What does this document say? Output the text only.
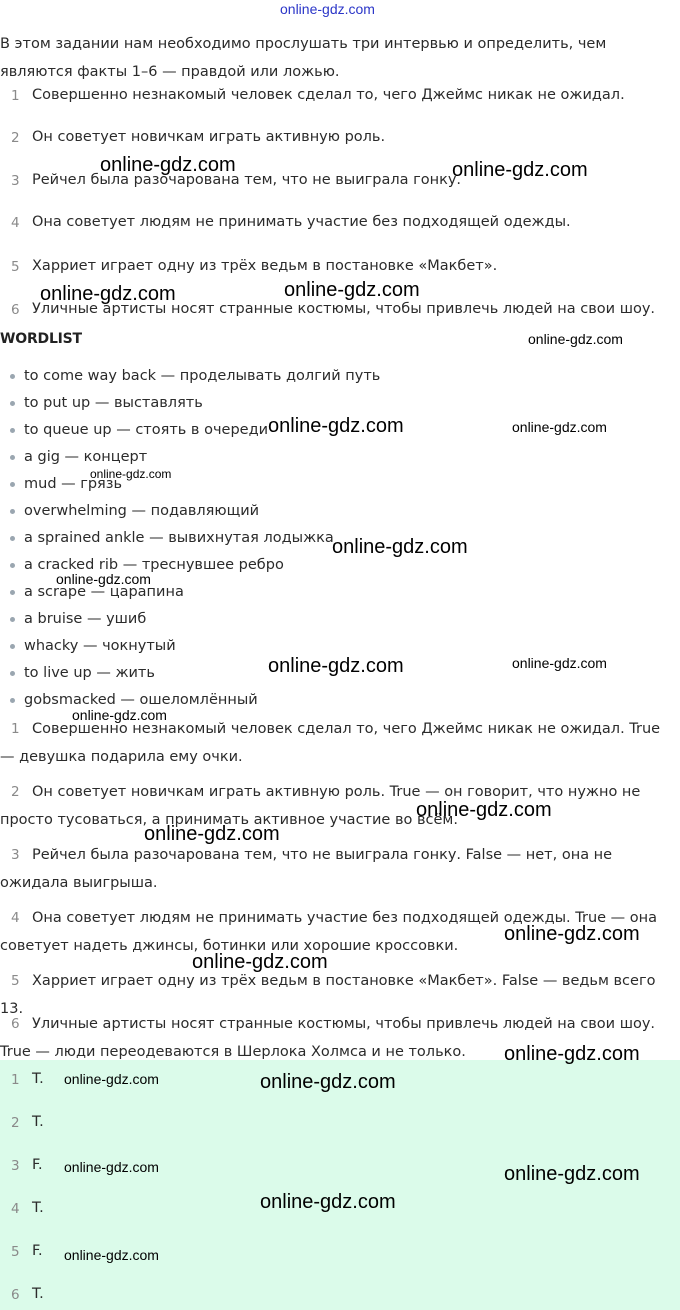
online-gdz.com
В этом задании нам необходимо прослушать три интервью и определить, чем являются факты 1–6 — правдой или ложью.
1 Совершенно незнакомый человек сделал то, чего Джеймс никак не ожидал.
2 Он советует новичкам играть активную роль.
3 Рейчел была разочарована тем, что не выиграла гонку.
4 Она советует людям не принимать участие без подходящей одежды.
5 Харриет играет одну из трёх ведьм в постановке «Макбет».
6 Уличные артисты носят странные костюмы, чтобы привлечь людей на свои шоу.
WORDLIST
to come way back — проделывать долгий путь
to put up — выставлять
to queue up — стоять в очереди
a gig — концерт
mud — грязь
overwhelming — подавляющий
a sprained ankle — вывихнутая лодыжка
a cracked rib — треснувшее ребро
a scrape — царапина
a bruise — ушиб
whacky — чокнутый
to live up — жить
gobsmacked — ошеломлённый
1 Совершенно незнакомый человек сделал то, чего Джеймс никак не ожидал. True — девушка подарила ему очки.
2 Он советует новичкам играть активную роль. True — он говорит, что нужно не просто тусоваться, а принимать активное участие во всём.
3 Рейчел была разочарована тем, что не выиграла гонку. False — нет, она не ожидала выигрыша.
4 Она советует людям не принимать участие без подходящей одежды. True — она советует надеть джинсы, ботинки или хорошие кроссовки.
5 Харриет играет одну из трёх ведьм в постановке «Макбет». False — ведьм всего 13.
6 Уличные артисты носят странные костюмы, чтобы привлечь людей на свои шоу. True — люди переодеваются в Шерлока Холмса и не только.
1 T.
2 T.
3 F.
4 T.
5 F.
6 T.
online-gdz.com	online-gdz.com
online-gdz.com	online-gdz.com
online-gdz.com
online-gdz.com	online-gdz.com
online-gdz.com
online-gdz.com
online-gdz.com
online-gdz.com	online-gdz.com
online-gdz.com
online-gdz.com
online-gdz.com
online-gdz.com
online-gdz.com
online-gdz.com
online-gdz.com	online-gdz.com
online-gdz.com	online-gdz.com
online-gdz.com
online-gdz.com
